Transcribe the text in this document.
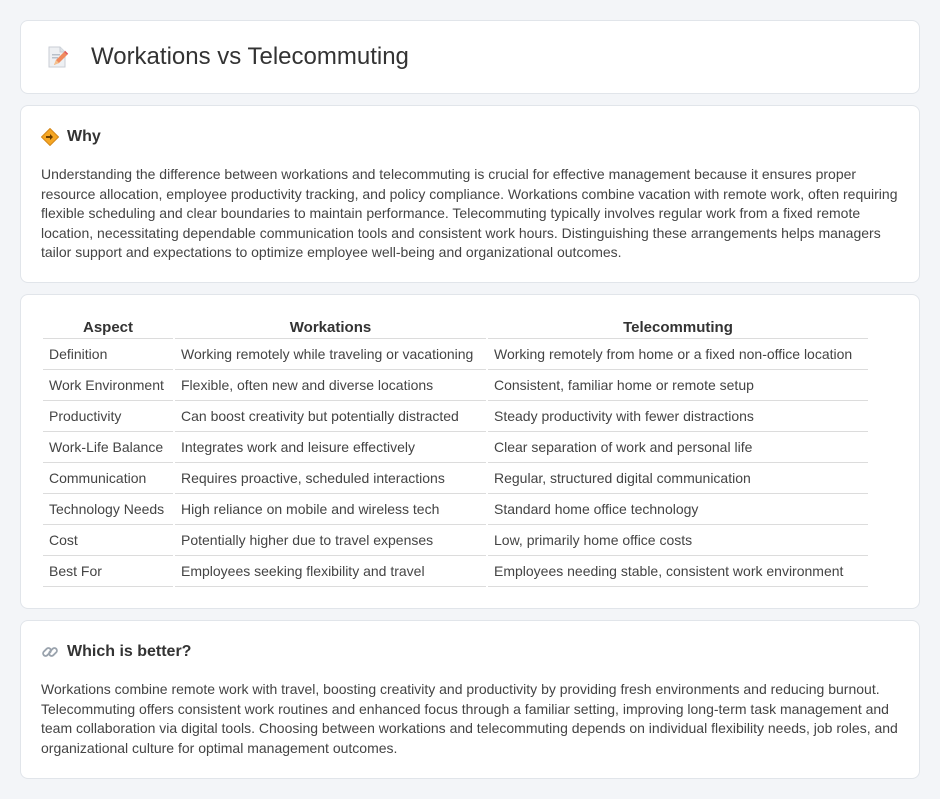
Workations vs Telecommuting
Why

Understanding the difference between workations and telecommuting is crucial for effective management because it ensures proper resource allocation, employee productivity tracking, and policy compliance. Workations combine vacation with remote work, often requiring flexible scheduling and clear boundaries to maintain performance. Telecommuting typically involves regular work from a fixed remote location, necessitating dependable communication tools and consistent work hours. Distinguishing these arrangements helps managers tailor support and expectations to optimize employee well-being and organizational outcomes.

Aspect	Workations	Telecommuting
Definition	Working remotely while traveling or vacationing	Working remotely from home or a fixed non-office location
Work Environment	Flexible, often new and diverse locations	Consistent, familiar home or remote setup
Productivity	Can boost creativity but potentially distracted	Steady productivity with fewer distractions
Work-Life Balance	Integrates work and leisure effectively	Clear separation of work and personal life
Communication	Requires proactive, scheduled interactions	Regular, structured digital communication
Technology Needs	High reliance on mobile and wireless tech	Standard home office technology
Cost	Potentially higher due to travel expenses	Low, primarily home office costs
Best For	Employees seeking flexibility and travel	Employees needing stable, consistent work environment
Which is better?

Workations combine remote work with travel, boosting creativity and productivity by providing fresh environments and reducing burnout. Telecommuting offers consistent work routines and enhanced focus through a familiar setting, improving long-term task management and team collaboration via digital tools. Choosing between workations and telecommuting depends on individual flexibility needs, job roles, and organizational culture for optimal management outcomes.
